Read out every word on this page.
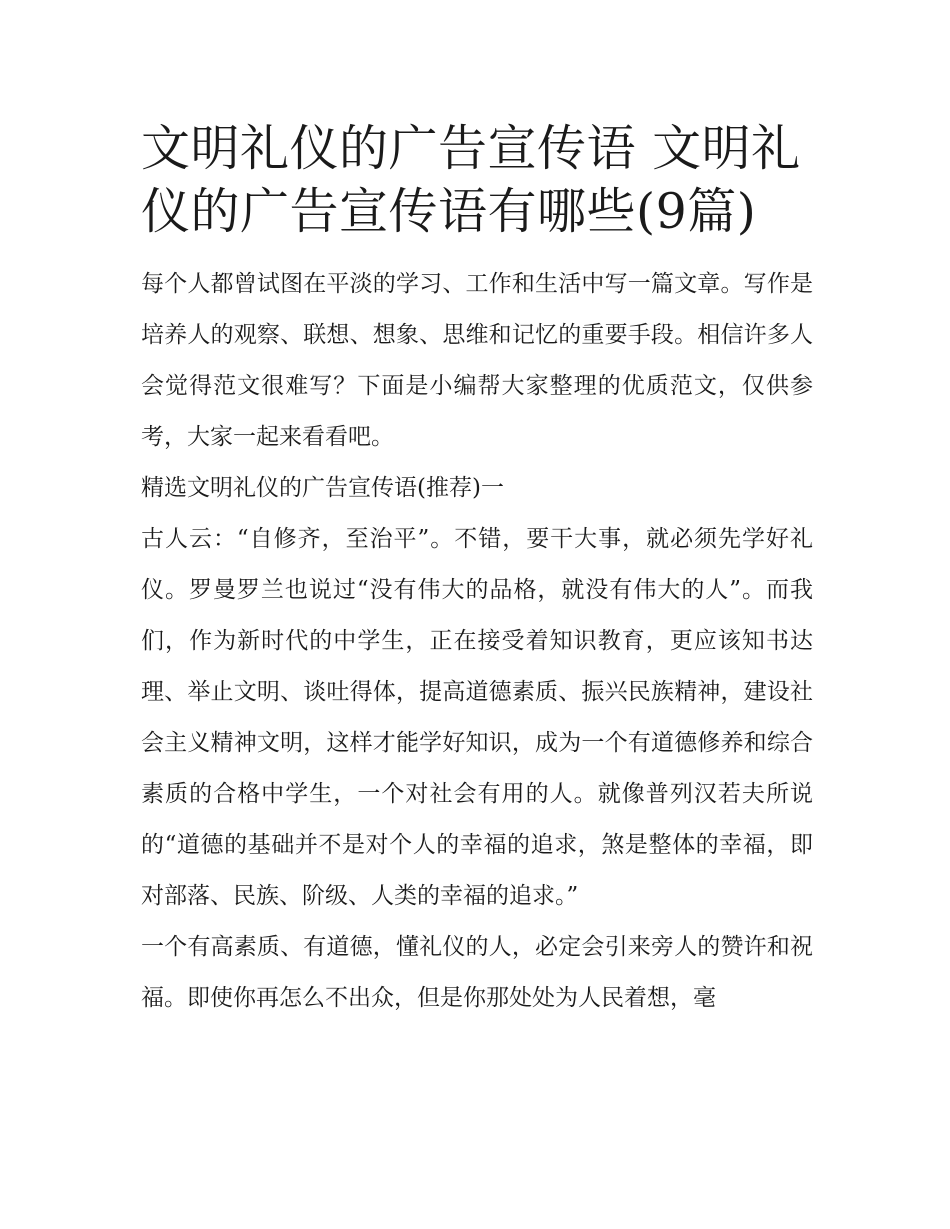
文明礼仪的广告宣传语 文明礼仪的广告宣传语有哪些(9篇)

每个人都曾试图在平淡的学习、工作和生活中写一篇文章。写作是培养人的观察、联想、想象、思维和记忆的重要手段。相信许多人会觉得范文很难写？下面是小编帮大家整理的优质范文，仅供参考，大家一起来看看吧。

精选文明礼仪的广告宣传语(推荐)一

古人云：“自修齐，至治平”。不错，要干大事，就必须先学好礼仪。罗曼罗兰也说过“没有伟大的品格，就没有伟大的人”。而我们，作为新时代的中学生，正在接受着知识教育，更应该知书达理、举止文明、谈吐得体，提高道德素质、振兴民族精神，建设社会主义精神文明，这样才能学好知识，成为一个有道德修养和综合素质的合格中学生，一个对社会有用的人。就像普列汉若夫所说的“道德的基础并不是对个人的幸福的追求，煞是整体的幸福，即对部落、民族、阶级、人类的幸福的追求。”

一个有高素质、有道德，懂礼仪的人，必定会引来旁人的赞许和祝福。即使你再怎么不出众，但是你那处处为人民着想，毫
